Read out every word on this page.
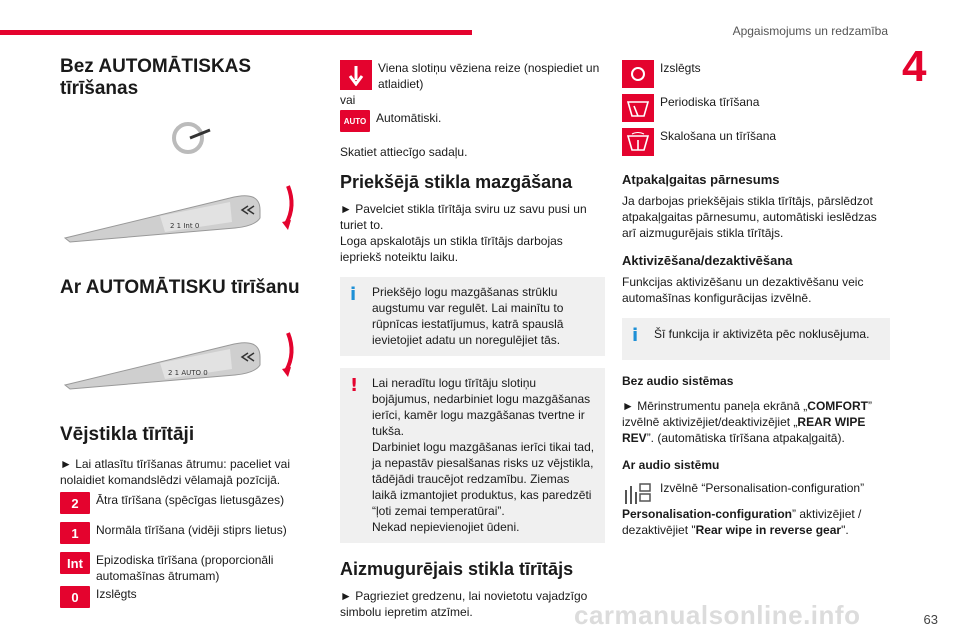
Apgaismojums un redzamība
4
Bez AUTOMĀTISKAS tīrīšanas
2 1 Int 0
Ar AUTOMĀTISKU tīrīšanu
2 1 AUTO 0
Vējstikla tīrītāji

► Lai atlasītu tīrīšanas ātrumu: paceliet vai nolaidiet komandslēdzi vēlamajā pozīcijā.

2	Ātra tīrīšana (spēcīgas lietusgāzes)

1	Normāla tīrīšana (vidēji stiprs lietus)

Int	Epizodiska tīrīšana (proporcionāli automašīnas ātrumam)

0	Izslēgts

Viena slotiņu vēziena reize (nospiediet un atlaidiet)

vai

AUTO Automātiski.

Skatiet attiecīgo sadaļu.

Priekšējā stikla mazgāšana

► Pavelciet stikla tīrītāja sviru uz savu pusi un turiet to.
Loga apskalotājs un stikla tīrītājs darbojas iepriekš noteiktu laiku.

i Priekšējo logu mazgāšanas strūklu augstumu var regulēt. Lai mainītu to rūpnīcas iestatījumus, katrā spauslā ievietojiet adatu un noregulējiet tās.

! Lai neradītu logu tīrītāju slotiņu bojājumus, nedarbiniet logu mazgāšanas ierīci, kamēr logu mazgāšanas tvertne ir tukša.
Darbiniet logu mazgāšanas ierīci tikai tad, ja nepastāv piesalšanas risks uz vējstikla, tādējādi traucējot redzamību. Ziemas laikā izmantojiet produktus, kas paredzēti “ļoti zemai temperatūrai”.
Nekad nepievienojiet ūdeni.

Aizmugurējais stikla tīrītājs

► Pagrieziet gredzenu, lai novietotu vajadzīgo simbolu iepretim atzīmei.

Izslēgts

Periodiska tīrīšana

Skalošana un tīrīšana

Atpakaļgaitas pārnesums

Ja darbojas priekšējais stikla tīrītājs, pārslēdzot atpakaļgaitas pārnesumu, automātiski ieslēdzas arī aizmugurējais stikla tīrītājs.

Aktivizēšana/dezaktivēšana

Funkcijas aktivizēšanu un dezaktivēšanu veic automašīnas konfigurācijas izvēlnē.

i Šī funkcija ir aktivizēta pēc noklusējuma.

Bez audio sistēmas

► Mērinstrumentu paneļa ekrānā „COMFORT” izvēlnē aktivizējiet/deaktivizējiet „REAR WIPE REV”. (automātiska tīrīšana atpakaļgaitā).

Ar audio sistēmu

Izvēlnē “Personalisation-configuration”

Personalisation-configuration” aktivizējiet / dezaktivējiet "Rear wipe in reverse gear".

carmanualsonline.info	63
